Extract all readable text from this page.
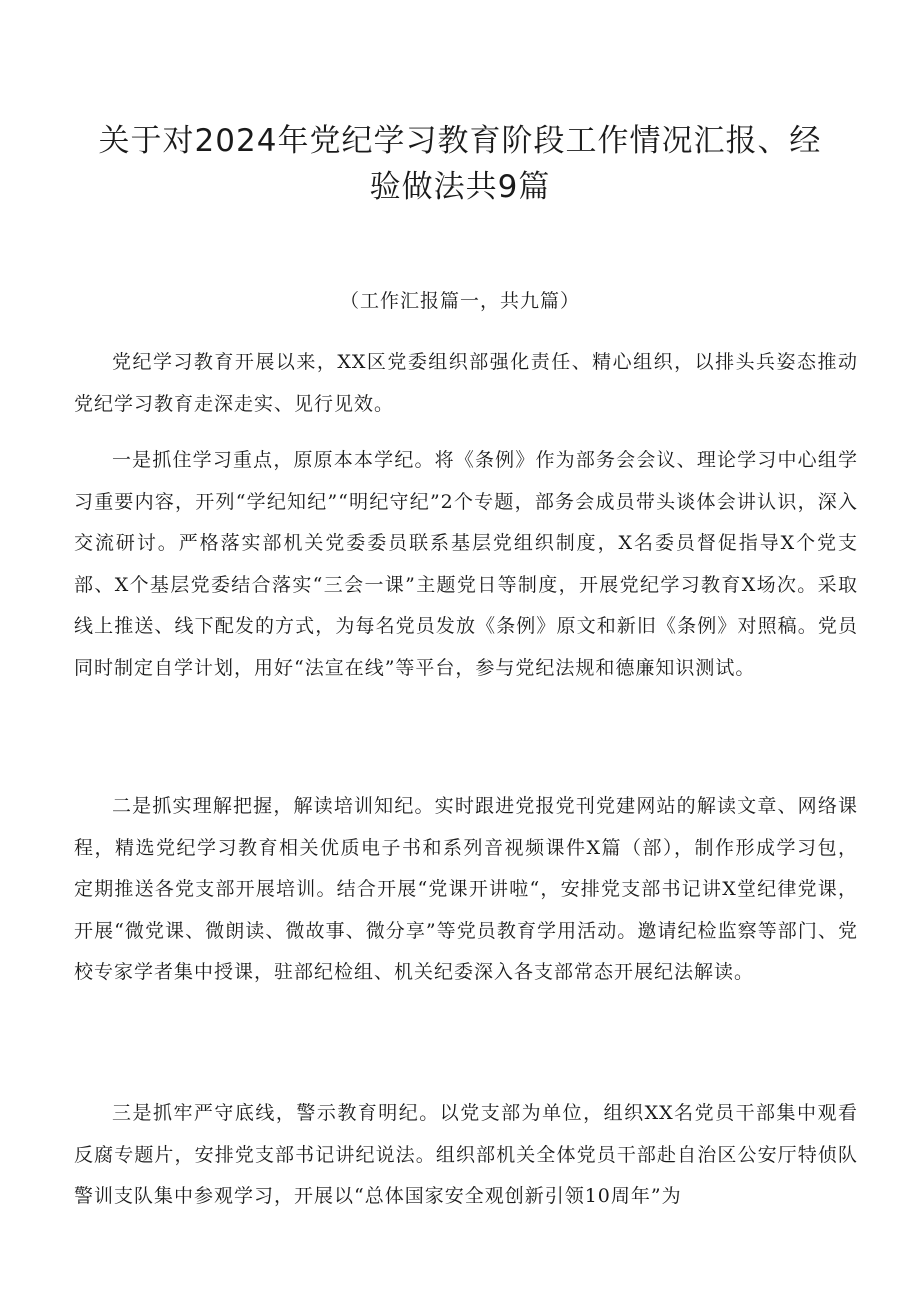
关于对2024年党纪学习教育阶段工作情况汇报、经
验做法共9篇

（工作汇报篇一，共九篇）

党纪学习教育开展以来，XX区党委组织部强化责任、精心组织，以排头兵姿态推动党纪学习教育走深走实、见行见效。

一是抓住学习重点，原原本本学纪。将《条例》作为部务会会议、理论学习中心组学习重要内容，开列“学纪知纪”“明纪守纪”2个专题，部务会成员带头谈体会讲认识，深入交流研讨。严格落实部机关党委委员联系基层党组织制度，X名委员督促指导X个党支部、X个基层党委结合落实“三会一课”主题党日等制度，开展党纪学习教育X场次。采取线上推送、线下配发的方式，为每名党员发放《条例》原文和新旧《条例》对照稿。党员同时制定自学计划，用好“法宣在线”等平台，参与党纪法规和德廉知识测试。

二是抓实理解把握，解读培训知纪。实时跟进党报党刊党建网站的解读文章、网络课程，精选党纪学习教育相关优质电子书和系列音视频课件X篇（部），制作形成学习包，定期推送各党支部开展培训。结合开展“党课开讲啦“，安排党支部书记讲X堂纪律党课，开展“微党课、微朗读、微故事、微分享”等党员教育学用活动。邀请纪检监察等部门、党校专家学者集中授课，驻部纪检组、机关纪委深入各支部常态开展纪法解读。

三是抓牢严守底线，警示教育明纪。以党支部为单位，组织XX名党员干部集中观看反腐专题片，安排党支部书记讲纪说法。组织部机关全体党员干部赴自治区公安厅特侦队警训支队集中参观学习，开展以“总体国家安全观创新引领10周年”为
